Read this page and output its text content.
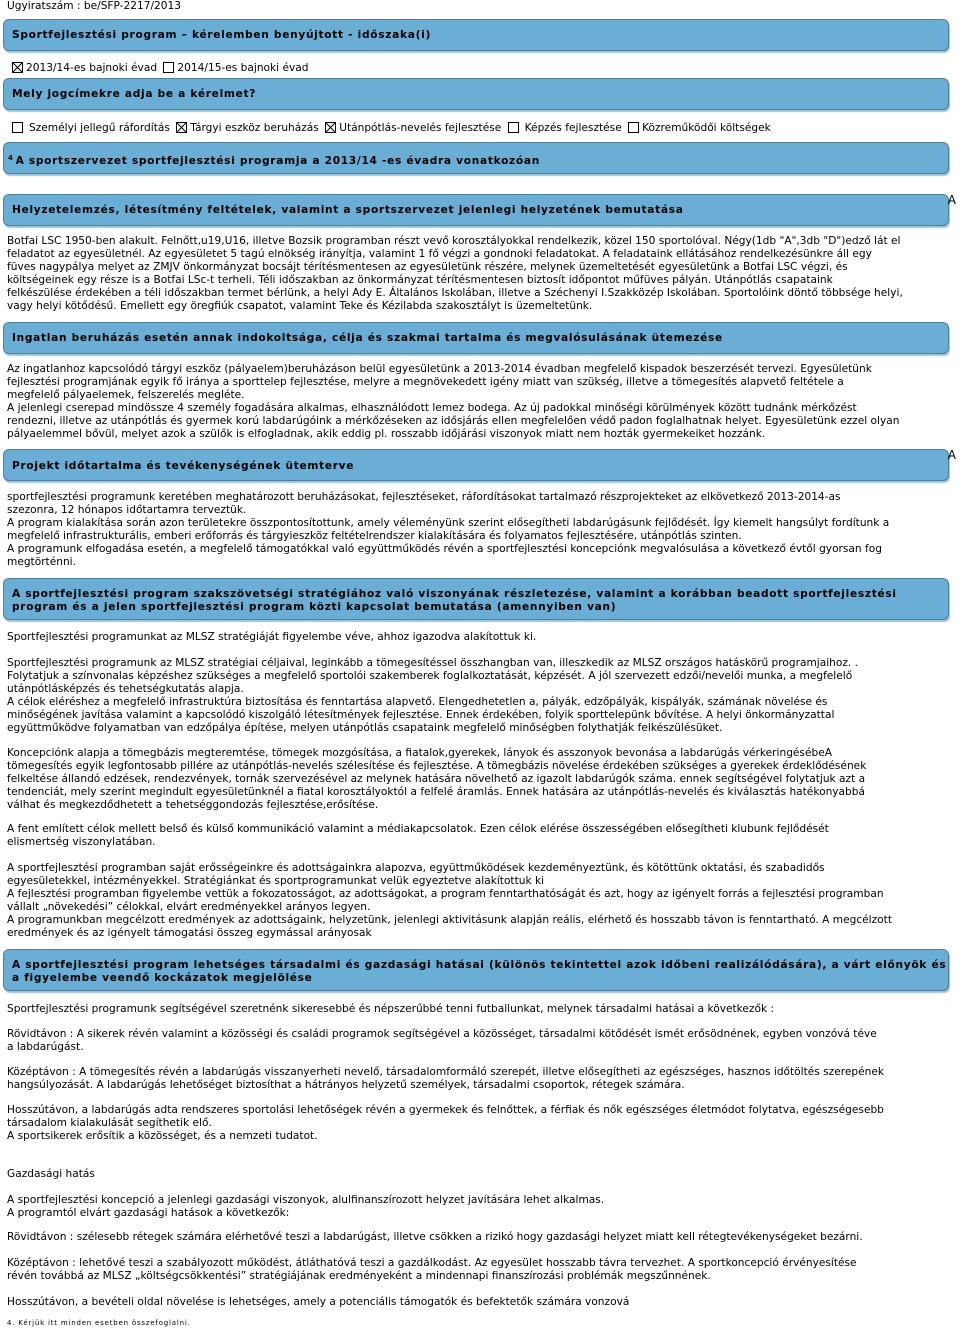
Ügyiratszám : be/SFP-2217/2013
Sportfejlesztési program – kérelemben benyújtott - időszaka(i)
2013/14-es bajnoki évad 2014/15-es bajnoki évad
Mely jogcímekre adja be a kérelmet?
Személyi jellegű ráfordítás Tárgyi eszköz beruházás Utánpótlás-nevelés fejlesztése Képzés fejlesztése Közreműködői költségek
$^4$ A sportszervezet sportfejlesztési programja a 2013/14 -es évadra vonatkozóan
Helyzetelemzés, létesítmény feltételek, valamint a sportszervezet jelenlegi helyzetének bemutatása
A
Botfai LSC 1950-ben alakult. Felnőtt,u19,U16, illetve Bozsik programban részt vevő korosztályokkal rendelkezik, közel 150 sportolóval. Négy(1db "A",3db "D")edző lát el
feladatot az egyesületnél. Az egyesületet 5 tagú elnökség irányítja, valamint 1 fő végzi a gondnoki feladatokat. A feladataink ellátásához rendelkezésünkre áll egy
füves nagypálya melyet az ZMJV önkormányzat bocsájt térítésmentesen az egyesületünk részére, melynek üzemeltetését egyesületünk a Botfai LSC végzi, és
költségeinek egy része is a Botfai LSc-t terheli. Téli időszakban az önkormányzat térítésmentesen biztosít időpontot műfüves pályán. Utánpótlás csapataink
felkészülése érdekében a téli időszakban termet bérlünk, a helyi Ady E. Általános Iskolában, illetve a Széchenyi I.Szakközép Iskolában. Sportolóink döntő többsége helyi,
vagy helyi kötődésű. Emellett egy öregfiúk csapatot, valamint Teke és Kézilabda szakosztályt is üzemeltetünk.
Ingatlan beruházás esetén annak indokoltsága, célja és szakmai tartalma és megvalósulásának ütemezése
Az ingatlanhoz kapcsolódó tárgyi eszköz (pályaelem)beruházáson belül egyesületünk a 2013-2014 évadban megfelelő kispadok beszerzését tervezi. Egyesületünk
fejlesztési programjának egyik fő iránya a sporttelep fejlesztése, melyre a megnövekedett igény miatt van szükség, illetve a tömegesítés alapvető feltétele a
megfelelő pályaelemek, felszerelés megléte.
A jelenlegi cserepad mindössze 4 személy fogadására alkalmas, elhasználódott lemez bodega. Az új padokkal minőségi körülmények között tudnánk mérkőzést
rendezni, illetve az utánpótlás és gyermek korú labdarúgóink a mérkőzéseken az idősjárás ellen megfelelően védő padon foglalhatnak helyet. Egyesületünk ezzel olyan
pályaelemmel bővül, melyet azok a szülők is elfogladnak, akik eddig pl. rosszabb időjárási viszonyok miatt nem hozták gyermekeiket hozzánk.
Projekt időtartalma és tevékenységének ütemterve
A
sportfejlesztési programunk keretében meghatározott beruházásokat, fejlesztéseket, ráfordításokat tartalmazó részprojekteket az elkövetkező 2013-2014-as
szezonra, 12 hónapos időtartamra terveztük.
A program kialakítása során azon területekre összpontosítottunk, amely véleményünk szerint elősegítheti labdarúgásunk fejlődését. Így kiemelt hangsúlyt fordítunk a
megfelelő infrastrukturális, emberi erőforrás és tárgyieszköz feltételrendszer kialakítására és folyamatos fejlesztésére, utánpótlás szinten.
A programunk elfogadása esetén, a megfelelő támogatókkal való együttműködés révén a sportfejlesztési koncepciónk megvalósulása a következő évtől gyorsan fog
megtörténni.
A sportfejlesztési program szakszövetségi stratégiához való viszonyának részletezése, valamint a korábban beadott sportfejlesztési
program és a jelen sportfejlesztési program közti kapcsolat bemutatása (amennyiben van)
Sportfejlesztési programunkat az MLSZ stratégiáját figyelembe véve, ahhoz igazodva alakítottuk ki.
Sportfejlesztési programunk az MLSZ stratégiai céljaival, leginkább a tömegesítéssel összhangban van, illeszkedik az MLSZ országos hatáskörű programjaihoz. .
Folytatjuk a színvonalas képzéshez szükséges a megfelelő sportolói szakemberek foglalkoztatását, képzését. A jól szervezett edzői/nevelői munka, a megfelelő
utánpótlásképzés és tehetségkutatás alapja.
A célok eléréshez a megfelelő infrastruktúra biztosítása és fenntartása alapvető. Elengedhetetlen a, pályák, edzőpályák, kispályák, számának növelése és
minőségének javítása valamint a kapcsolódó kiszolgáló létesítmények fejlesztése. Ennek érdekében, folyik sporttelepünk bővítése. A helyi önkormányzattal
együttműködve folyamatban van edzőpálya építése, melyen utánpótlás csapataink megfelelő minőségben folythatják felkészülésüket.
Koncepciónk alapja a tömegbázis megteremtése, tömegek mozgósítása, a fiatalok,gyerekek, lányok és asszonyok bevonása a labdarúgás vérkeringésébeA
tömegesítés egyik legfontosabb pillére az utánpótlás-nevelés szélesítése és fejlesztése. A tömegbázis növelése érdekében szükséges a gyerekek érdeklődésének
felkeltése állandó edzések, rendezvények, tornák szervezésével az melynek hatására növelhető az igazolt labdarúgók száma. ennek segítségével folytatjuk azt a
tendenciát, mely szerint megindult egyesületünknél a fiatal korosztályoktól a felfelé áramlás. Ennek hatására az utánpótlás-nevelés és kiválasztás hatékonyabbá
válhat és megkezdődhetett a tehetséggondozás fejlesztése,erősítése.
A fent említett célok mellett belső és külső kommunikáció valamint a médiakapcsolatok. Ezen célok elérése összességében elősegítheti klubunk fejlődését
elismertség viszonylatában.
A sportfejlesztési programban saját erősségeinkre és adottságainkra alapozva, együttműködések kezdeményeztünk, és kötöttünk oktatási, és szabadidős
egyesületekkel, intézményekkel. Stratégiánkat és sportprogramunkat velük egyeztetve alakítottuk ki
A fejlesztési programban figyelembe vettük a fokozatosságot, az adottságokat, a program fenntarthatóságát és azt, hogy az igényelt forrás a fejlesztési programban
vállalt „növekedési” célokkal, elvárt eredményekkel arányos legyen.
A programunkban megcélzott eredmények az adottságaink, helyzetünk, jelenlegi aktivitásunk alapján reális, elérhető és hosszabb távon is fenntartható. A megcélzott
eredmények és az igényelt támogatási összeg egymással arányosak
A sportfejlesztési program lehetséges társadalmi és gazdasági hatásai (különös tekintettel azok időbeni realizálódására), a várt előnyök és
a figyelembe veendő kockázatok megjelölése
Sportfejlesztési programunk segítségével szeretnénk sikeresebbé és népszerűbbé tenni futballunkat, melynek társadalmi hatásai a következők :
Rövidtávon : A sikerek révén valamint a közösségi és családi programok segítségével a közösséget, társadalmi kötődését ismét erősödnének, egyben vonzóvá téve
a labdarúgást.
Középtávon : A tömegesítés révén a labdarúgás visszanyerheti nevelő, társadalomformáló szerepét, illetve elősegítheti az egészséges, hasznos időtöltés szerepének
hangsúlyozását. A labdarúgás lehetőséget biztosíthat a hátrányos helyzetű személyek, társadalmi csoportok, rétegek számára.
Hosszútávon, a labdarúgás adta rendszeres sportolási lehetőségek révén a gyermekek és felnőttek, a férfiak és nők egészséges életmódot folytatva, egészségesebb
társadalom kialakulását segíthetik elő.
A sportsikerek erősítik a közösséget, és a nemzeti tudatot.
Gazdasági hatás
A sportfejlesztési koncepció a jelenlegi gazdasági viszonyok, alulfinanszírozott helyzet javítására lehet alkalmas.
A programtól elvárt gazdasági hatások a következők:
Rövidtávon : szélesebb rétegek számára elérhetővé teszi a labdarúgást, illetve csökken a rizikó hogy gazdasági helyzet miatt kell rétegtevékenységeket bezárni.
Középtávon : lehetővé teszi a szabályozott működést, átláthatóvá teszi a gazdálkodást. Az egyesület hosszabb távra tervezhet. A sportkoncepció érvényesítése
révén továbbá az MLSZ „költségcsökkentési” stratégiájának eredményeként a mindennapi finanszírozási problémák megszűnnének.
Hosszútávon, a bevételi oldal növelése is lehetséges, amely a potenciális támogatók és befektetők számára vonzová
4. Kérjük itt minden esetben összefoglalni.
